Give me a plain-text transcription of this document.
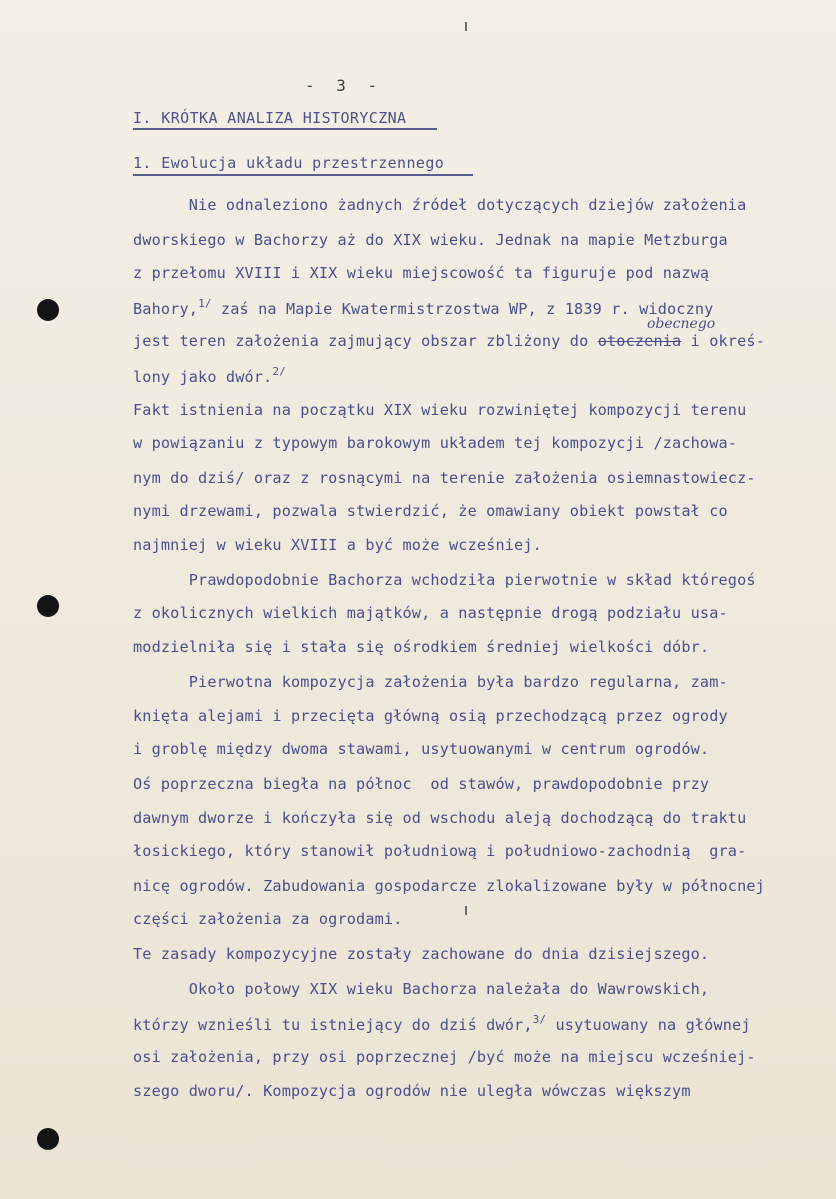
- 3 -
I. KRÓTKA ANALIZA HISTORYCZNA
1. Ewolucja układu przestrzennego
obecnego
Nie odnaleziono żadnych źródeł dotyczących dziejów założenia
dworskiego w Bachorzy aż do XIX wieku. Jednak na mapie Metzburga
z przełomu XVIII i XIX wieku miejscowość ta figuruje pod nazwą
Bahory,$^{1/}$ zaś na Mapie Kwatermistrzostwa WP, z 1839 r. widoczny
jest teren założenia zajmujący obszar zbliżony do otoczenia i okreś-
lony jako dwór.$^{2/}$
Fakt istnienia na początku XIX wieku rozwiniętej kompozycji terenu
w powiązaniu z typowym barokowym układem tej kompozycji /zachowa-
nym do dziś/ oraz z rosnącymi na terenie założenia osiemnastowiecz-
nymi drzewami, pozwala stwierdzić, że omawiany obiekt powstał co
najmniej w wieku XVIII a być może wcześniej.
Prawdopodobnie Bachorza wchodziła pierwotnie w skład któregoś
z okolicznych wielkich majątków, a następnie drogą podziału usa-
modzielniła się i stała się ośrodkiem średniej wielkości dóbr.
Pierwotna kompozycja założenia była bardzo regularna, zam-
knięta alejami i przecięta główną osią przechodzącą przez ogrody
i groblę między dwoma stawami, usytuowanymi w centrum ogrodów.
Oś poprzeczna biegła na północ  od stawów, prawdopodobnie przy
dawnym dworze i kończyła się od wschodu aleją dochodzącą do traktu
łosickiego, który stanowił południową i południowo-zachodnią  gra-
nicę ogrodów. Zabudowania gospodarcze zlokalizowane były w północnej
części założenia za ogrodami.
Te zasady kompozycyjne zostały zachowane do dnia dzisiejszego.
Około połowy XIX wieku Bachorza należała do Wawrowskich,
którzy wznieśli tu istniejący do dziś dwór,$^{3/}$ usytuowany na głównej
osi założenia, przy osi poprzecznej /być może na miejscu wcześniej-
szego dworu/. Kompozycja ogrodów nie uległa wówczas większym
